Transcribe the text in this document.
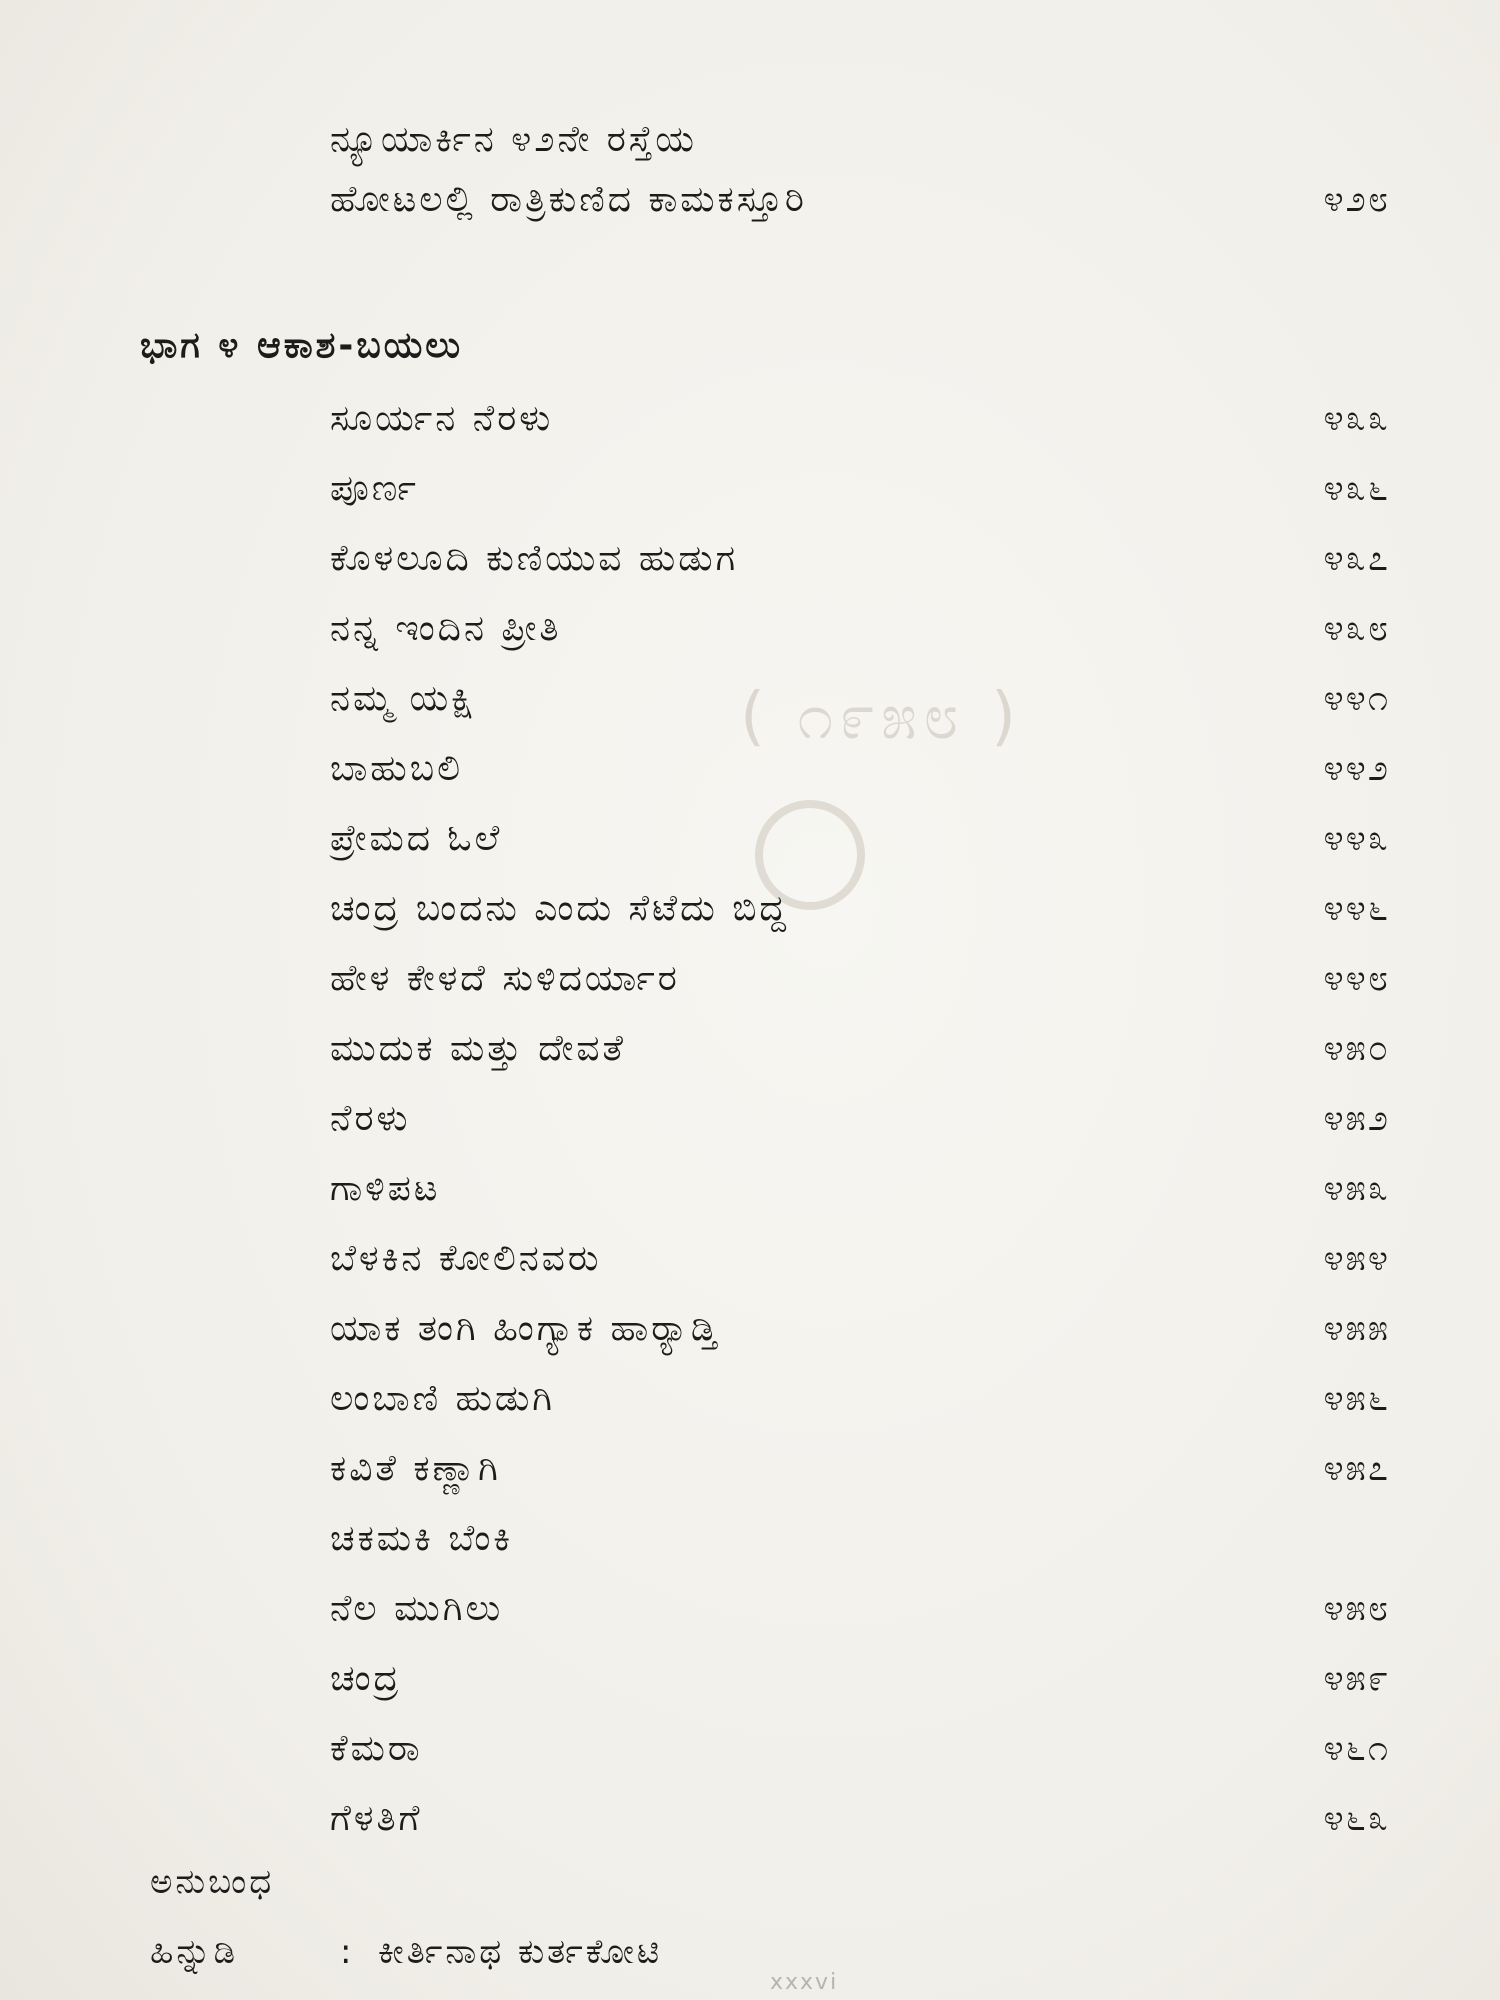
( ೧೯೫೮ )
ನ್ಯೂಯಾರ್ಕಿನ ೪೨ನೇ ರಸ್ತೆಯ
ಹೋಟಲಲ್ಲಿ ರಾತ್ರಿಕುಣಿದ ಕಾಮಕಸ್ತೂರಿ	೪೨೮
ಭಾಗ ೪ ಆಕಾಶ-ಬಯಲು
ಸೂರ್ಯನ ನೆರಳು	೪೩೩
ಪೂರ್ಣ	೪೩೬
ಕೊಳಲೂದಿ ಕುಣಿಯುವ ಹುಡುಗ	೪೩೭
ನನ್ನ ಇಂದಿನ ಪ್ರೀತಿ	೪೩೮
ನಮ್ಮ ಯಕ್ಷಿ	೪೪೧
ಬಾಹುಬಲಿ	೪೪೨
ಪ್ರೇಮದ ಓಲೆ	೪೪೩
ಚಂದ್ರ ಬಂದನು ಎಂದು ಸೆಟೆದು ಬಿದ್ದ	೪೪೬
ಹೇಳ ಕೇಳದೆ ಸುಳಿದರ್ಯಾರ	೪೪೮
ಮುದುಕ ಮತ್ತು ದೇವತೆ	೪೫೦
ನೆರಳು	೪೫೨
ಗಾಳಿಪಟ	೪೫೩
ಬೆಳಕಿನ ಕೋಲಿನವರು	೪೫೪
ಯಾಕ ತಂಗಿ ಹಿಂಗ್ಯಾಕ ಹಾರ್‍ಯಾಡ್ತಿ	೪೫೫
ಲಂಬಾಣಿ ಹುಡುಗಿ	೪೫೬
ಕವಿತೆ ಕಣ್ಣಾಗಿ	೪೫೭
ಚಕಮಕಿ ಬೆಂಕಿ
ನೆಲ ಮುಗಿಲು	೪೫೮
ಚಂದ್ರ	೪೫೯
ಕೆಮರಾ	೪೬೧
ಗೆಳತಿಗೆ	೪೬೩
ಅನುಬಂಧ
ಹಿನ್ನುಡಿ	: ಕೀರ್ತಿನಾಥ ಕುರ್ತಕೋಟಿ
xxxvi
